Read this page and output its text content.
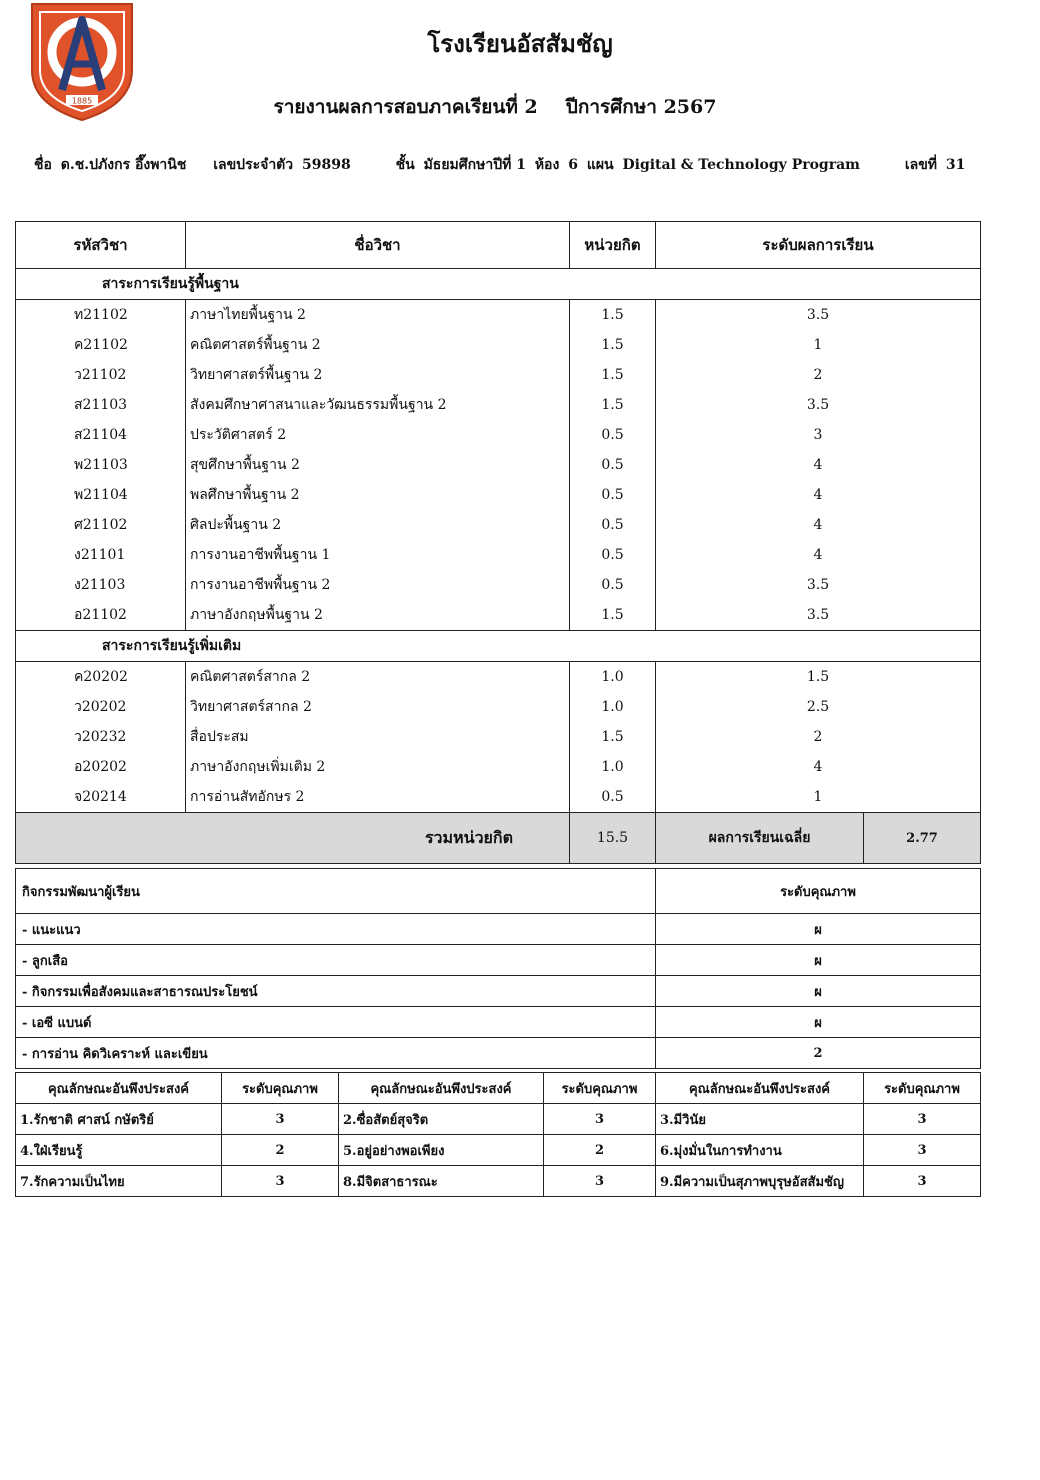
1885
โรงเรียนอัสสัมชัญ
รายงานผลการสอบภาคเรียนที่ 2 ปีการศึกษา 2567
ชื่อ ด.ช.ปภังกร อึ๊งพานิช เลขประจำตัว 59898	ชั้น มัธยมศึกษาปีที่ 1 ห้อง 6 แผน Digital & Technology Program	เลขที่ 31
รหัสวิชา	ชื่อวิชา	หน่วยกิต	ระดับผลการเรียน	
สาระการเรียนรู้พื้นฐาน				
ท21102	ภาษาไทยพื้นฐาน 2	1.5	3.5	
ค21102	คณิตศาสตร์พื้นฐาน 2	1.5	1	
ว21102	วิทยาศาสตร์พื้นฐาน 2	1.5	2	
ส21103	สังคมศึกษาศาสนาและวัฒนธรรมพื้นฐาน 2	1.5	3.5	
ส21104	ประวัติศาสตร์ 2	0.5	3	
พ21103	สุขศึกษาพื้นฐาน 2	0.5	4	
พ21104	พลศึกษาพื้นฐาน 2	0.5	4	
ศ21102	ศิลปะพื้นฐาน 2	0.5	4	
ง21101	การงานอาชีพพื้นฐาน 1	0.5	4	
ง21103	การงานอาชีพพื้นฐาน 2	0.5	3.5	
อ21102	ภาษาอังกฤษพื้นฐาน 2	1.5	3.5	
สาระการเรียนรู้เพิ่มเติม				
ค20202	คณิตศาสตร์สากล 2	1.0	1.5	
ว20202	วิทยาศาสตร์สากล 2	1.0	2.5	
ว20232	สื่อประสม	1.5	2	
อ20202	ภาษาอังกฤษเพิ่มเติม 2	1.0	4	
จ20214	การอ่านสัทอักษร 2	0.5	1	
รวมหน่วยกิต		15.5	ผลการเรียนเฉลี่ย	2.77
กิจกรรมพัฒนาผู้เรียน	ระดับคุณภาพ
- แนะแนว	ผ
- ลูกเสือ	ผ
- กิจกรรมเพื่อสังคมและสาธารณประโยชน์	ผ
- เอซี แบนด์	ผ
- การอ่าน คิดวิเคราะห์ และเขียน	2
คุณลักษณะอันพึงประสงค์	ระดับคุณภาพ	คุณลักษณะอันพึงประสงค์	ระดับคุณภาพ	คุณลักษณะอันพึงประสงค์	ระดับคุณภาพ
1.รักชาติ ศาสน์ กษัตริย์	3	2.ซื่อสัตย์สุจริต	3	3.มีวินัย	3
4.ใฝ่เรียนรู้	2	5.อยู่อย่างพอเพียง	2	6.มุ่งมั่นในการทำงาน	3
7.รักความเป็นไทย	3	8.มีจิตสาธารณะ	3	9.มีความเป็นสุภาพบุรุษอัสสัมชัญ	3
